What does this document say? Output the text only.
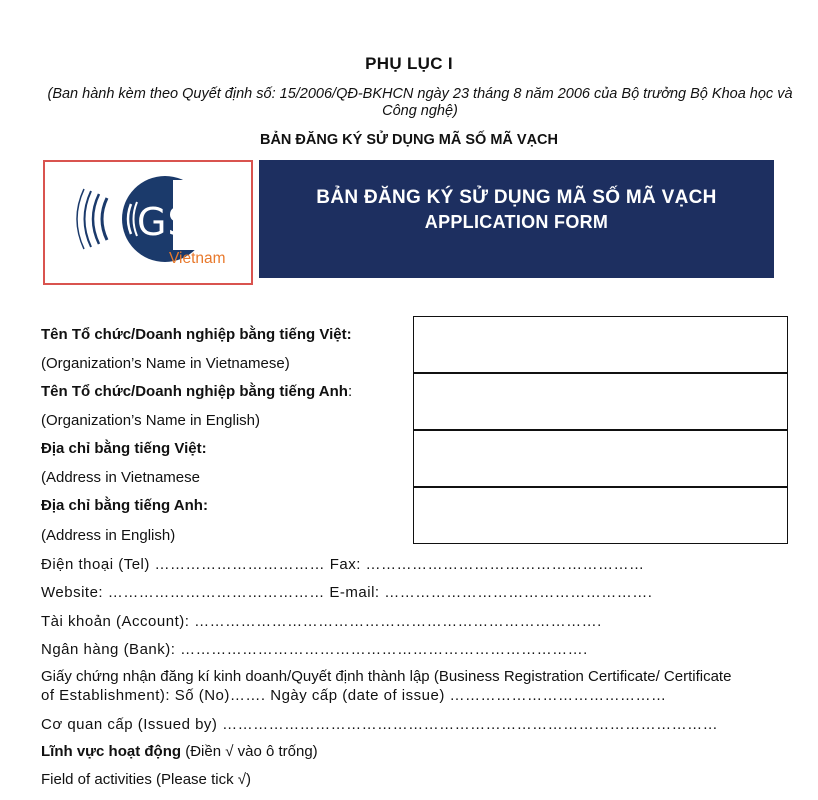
PHỤ LỤC I
(Ban hành kèm theo Quyết định số: 15/2006/QĐ-BKHCN ngày 23 tháng 8 năm 2006 của Bộ trưởng Bộ Khoa học và Công nghệ)
BẢN ĐĂNG KÝ SỬ DỤNG MÃ SỐ MÃ VẠCH
GS1
Vietnam
BẢN ĐĂNG KÝ SỬ DỤNG MÃ SỐ MÃ VẠCH
APPLICATION FORM
Tên Tổ chức/Doanh nghiệp bằng tiếng Việt:
(Organization’s Name in Vietnamese)
Tên Tổ chức/Doanh nghiệp bằng tiếng Anh:
(Organization’s Name in English)
Địa chỉ bằng tiếng Việt:
(Address in Vietnamese
Địa chỉ bằng tiếng Anh:
(Address in English)
Điện thoại (Tel) …………………………… Fax: ………………………………………………
Website: …………………………………… E-mail: …………………………………………….
Tài khoản (Account): …………………………………………………………………….
Ngân hàng (Bank): …………………………………………………………………….
Giấy chứng nhận đăng kí kinh doanh/Quyết định thành lập (Business Registration Certificate/ Certificate
of Establishment): Số (No)……. Ngày cấp (date of issue) ……………………………………
Cơ quan cấp (Issued by) ……………………………………………………………………………………
Lĩnh vực hoạt động (Điền √ vào ô trống)
Field of activities (Please tick √)
